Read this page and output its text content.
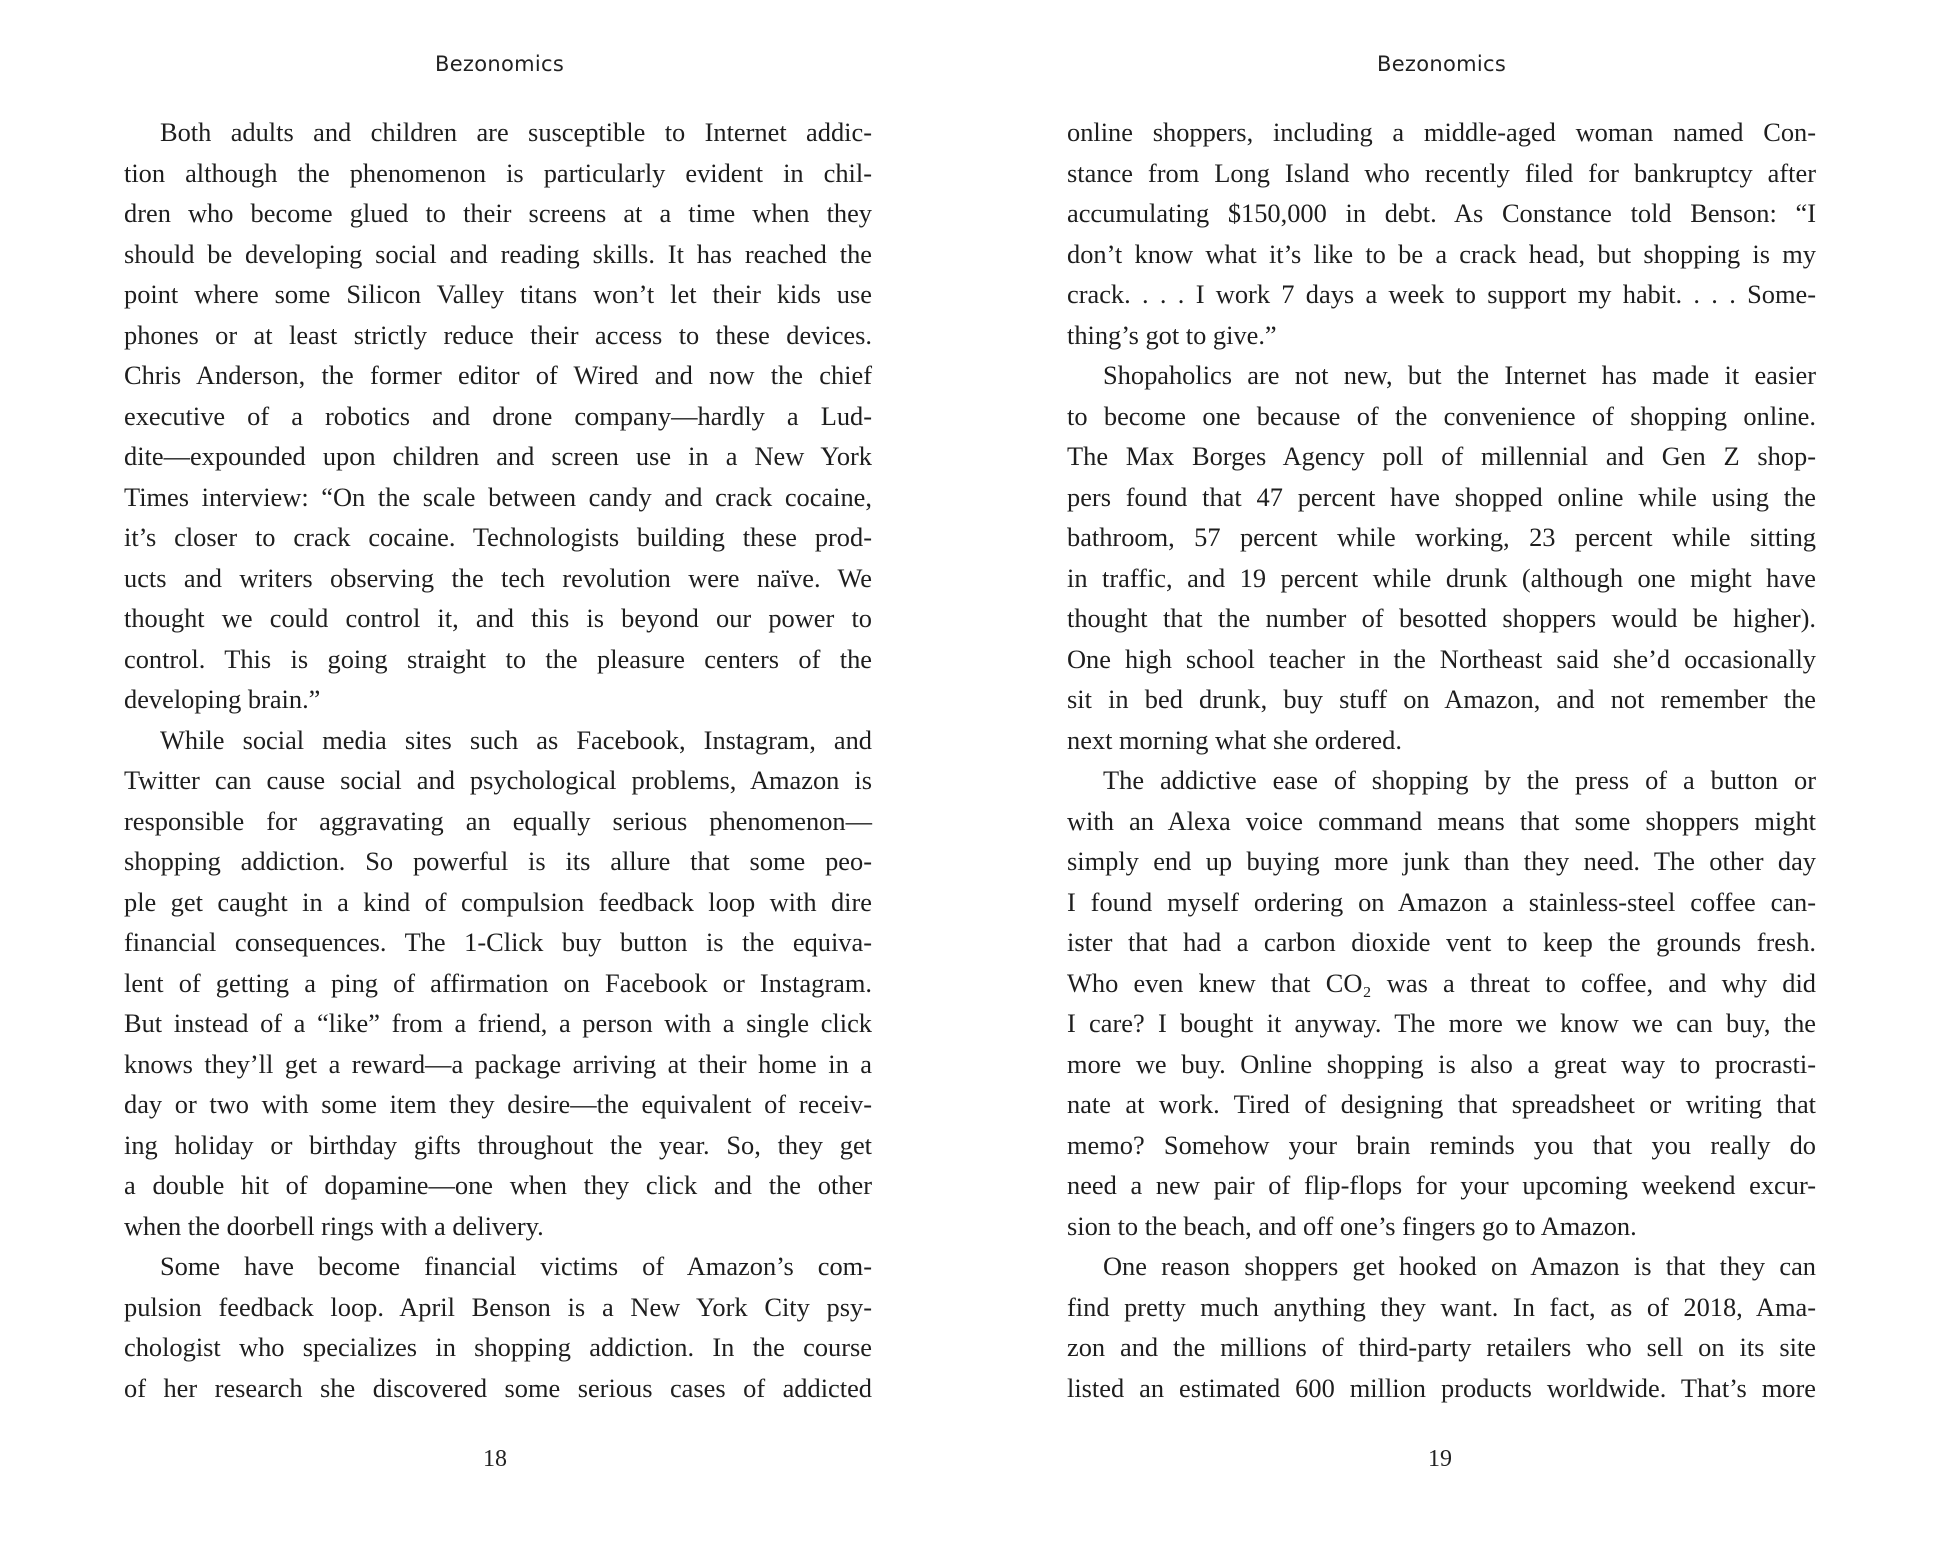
Bezonomics
Both adults and children are susceptible to Internet addic-
tion although the phenomenon is particularly evident in chil-
dren who become glued to their screens at a time when they
should be developing social and reading skills. It has reached the
point where some Silicon Valley titans won’t let their kids use
phones or at least strictly reduce their access to these devices.
Chris Anderson, the former editor of Wired and now the chief
executive of a robotics and drone company—hardly a Lud-
dite—expounded upon children and screen use in a New York
Times interview: “On the scale between candy and crack cocaine,
it’s closer to crack cocaine. Technologists building these prod-
ucts and writers observing the tech revolution were naïve. We
thought we could control it, and this is beyond our power to
control. This is going straight to the pleasure centers of the
developing brain.”
While social media sites such as Facebook, Instagram, and
Twitter can cause social and psychological problems, Amazon is
responsible for aggravating an equally serious phenomenon—
shopping addiction. So powerful is its allure that some peo-
ple get caught in a kind of compulsion feedback loop with dire
financial consequences. The 1-Click buy button is the equiva-
lent of getting a ping of affirmation on Facebook or Instagram.
But instead of a “like” from a friend, a person with a single click
knows they’ll get a reward—a package arriving at their home in a
day or two with some item they desire—the equivalent of receiv-
ing holiday or birthday gifts throughout the year. So, they get
a double hit of dopamine—one when they click and the other
when the doorbell rings with a delivery.
Some have become financial victims of Amazon’s com-
pulsion feedback loop. April Benson is a New York City psy-
chologist who specializes in shopping addiction. In the course
of her research she discovered some serious cases of addicted
18
Bezonomics
online shoppers, including a middle-aged woman named Con-
stance from Long Island who recently filed for bankruptcy after
accumulating $150,000 in debt. As Constance told Benson: “I
don’t know what it’s like to be a crack head, but shopping is my
crack. . . . I work 7 days a week to support my habit. . . . Some-
thing’s got to give.”
Shopaholics are not new, but the Internet has made it easier
to become one because of the convenience of shopping online.
The Max Borges Agency poll of millennial and Gen Z shop-
pers found that 47 percent have shopped online while using the
bathroom, 57 percent while working, 23 percent while sitting
in traffic, and 19 percent while drunk (although one might have
thought that the number of besotted shoppers would be higher).
One high school teacher in the Northeast said she’d occasionally
sit in bed drunk, buy stuff on Amazon, and not remember the
next morning what she ordered.
The addictive ease of shopping by the press of a button or
with an Alexa voice command means that some shoppers might
simply end up buying more junk than they need. The other day
I found myself ordering on Amazon a stainless-steel coffee can-
ister that had a carbon dioxide vent to keep the grounds fresh.
Who even knew that CO₂ was a threat to coffee, and why did
I care? I bought it anyway. The more we know we can buy, the
more we buy. Online shopping is also a great way to procrasti-
nate at work. Tired of designing that spreadsheet or writing that
memo? Somehow your brain reminds you that you really do
need a new pair of flip-flops for your upcoming weekend excur-
sion to the beach, and off one’s fingers go to Amazon.
One reason shoppers get hooked on Amazon is that they can
find pretty much anything they want. In fact, as of 2018, Ama-
zon and the millions of third-party retailers who sell on its site
listed an estimated 600 million products worldwide. That’s more
19
